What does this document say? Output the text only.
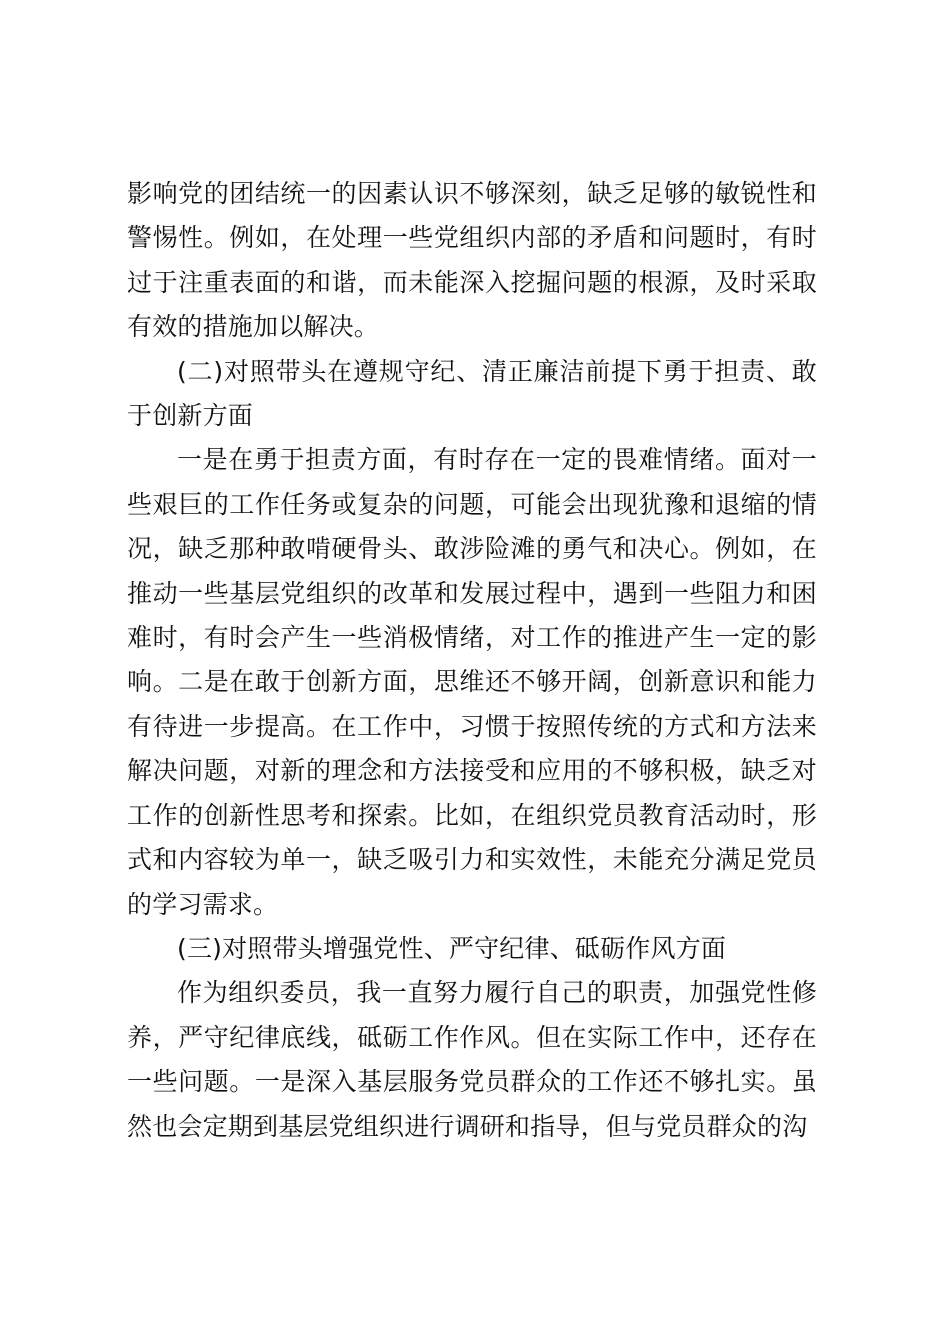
影响党的团结统一的因素认识不够深刻，缺乏足够的敏锐性和警惕性。例如，在处理一些党组织内部的矛盾和问题时，有时过于注重表面的和谐，而未能深入挖掘问题的根源，及时采取有效的措施加以解决。

(二)对照带头在遵规守纪、清正廉洁前提下勇于担责、敢于创新方面

一是在勇于担责方面，有时存在一定的畏难情绪。面对一些艰巨的工作任务或复杂的问题，可能会出现犹豫和退缩的情况，缺乏那种敢啃硬骨头、敢涉险滩的勇气和决心。例如，在推动一些基层党组织的改革和发展过程中，遇到一些阻力和困难时，有时会产生一些消极情绪，对工作的推进产生一定的影响。二是在敢于创新方面，思维还不够开阔，创新意识和能力有待进一步提高。在工作中，习惯于按照传统的方式和方法来解决问题，对新的理念和方法接受和应用的不够积极，缺乏对工作的创新性思考和探索。比如，在组织党员教育活动时，形式和内容较为单一，缺乏吸引力和实效性，未能充分满足党员的学习需求。

(三)对照带头增强党性、严守纪律、砥砺作风方面

作为组织委员，我一直努力履行自己的职责，加强党性修养，严守纪律底线，砥砺工作作风。但在实际工作中，还存在一些问题。一是深入基层服务党员群众的工作还不够扎实。虽然也会定期到基层党组织进行调研和指导，但与党员群众的沟
